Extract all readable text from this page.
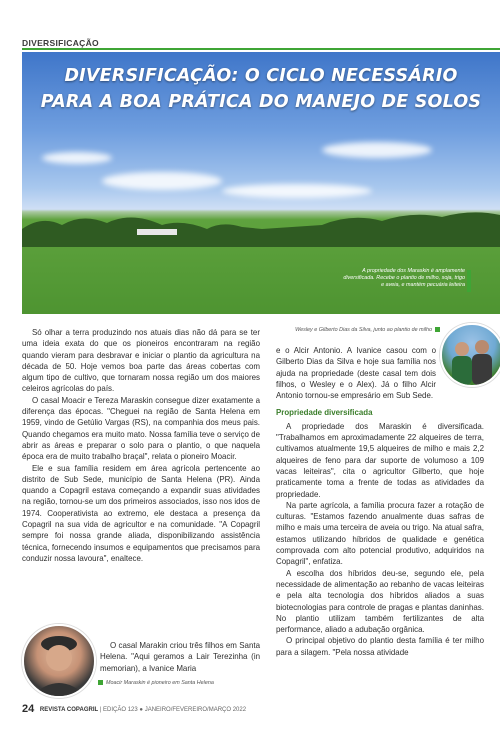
DIVERSIFICAÇÃO
DIVERSIFICAÇÃO: O CICLO NECESSÁRIO
PARA A BOA PRÁTICA DO MANEJO DE SOLOS
A propriedade dos Maraskin é amplamente diversificada. Recebe o plantio de milho, soja, trigo e aveia, e mantém pecuária leiteira

Só olhar a terra produzindo nos atuais dias não dá para se ter uma ideia exata do que os pioneiros encontraram na região quando vieram para desbravar e iniciar o plantio da agricultura na década de 50. Hoje vemos boa parte das áreas cobertas com algum tipo de cultivo, que tornaram nossa região um dos maiores celeiros agrícolas do país.

O casal Moacir e Tereza Maraskin consegue dizer exatamente a diferença das épocas. "Cheguei na região de Santa Helena em 1959, vindo de Getúlio Vargas (RS), na companhia dos meus pais. Quando chegamos era muito mato. Nossa família teve o serviço de abrir as áreas e preparar o solo para o plantio, o que naquela época era de muito trabalho braçal", relata o pioneiro Moacir.

Ele e sua família residem em área agrícola pertencente ao distrito de Sub Sede, município de Santa Helena (PR). Ainda quando a Copagril estava começando a expandir suas atividades na região, tornou-se um dos primeiros associados, isso nos idos de 1974. Cooperativista ao extremo, ele destaca a presença da Copagril na sua vida de agricultor e na comunidade. "A Copagril sempre foi nossa grande aliada, disponibilizando assistência técnica, fornecendo insumos e equipamentos que precisamos para conduzir nossa lavoura", enaltece.

O casal Marakin criou três filhos em Santa Helena. "Aqui geramos a Lair Terezinha (in memorian), a Ivanice Maria

Moacir Maraskin é pioneiro em Santa Helena
Wesley e Gilberto Dias da Silva, junto ao plantio de milho

e o Alcir Antonio. A Ivanice casou com o Gilberto Dias da Silva e hoje sua família nos ajuda na propriedade (deste casal tem dois filhos, o Wesley e o Alex). Já o filho Alcir Antonio tornou-se empresário em Sub Sede.

Propriedade diversificada

A propriedade dos Maraskin é diversificada. "Trabalhamos em aproximadamente 22 alqueires de terra, cultivamos atualmente 19,5 alqueires de milho e mais 2,2 alqueires de feno para dar suporte de volumoso a 109 vacas leiteiras", cita o agricultor Gilberto, que hoje praticamente toma a frente de todas as atividades da propriedade.

Na parte agrícola, a família procura fazer a rotação de culturas. "Estamos fazendo anualmente duas safras de milho e mais uma terceira de aveia ou trigo. Na atual safra, estamos utilizando híbridos de qualidade e genética comprovada com alto potencial produtivo, adquiridos na Copagril", enfatiza.

A escolha dos híbridos deu-se, segundo ele, pela necessidade de alimentação ao rebanho de vacas leiteiras e pela alta tecnologia dos híbridos aliados a suas biotecnologias para controle de pragas e plantas daninhas. No plantio utilizam também fertilizantes de alta performance, aliado a adubação orgânica.

O principal objetivo do plantio desta família é ter milho para a silagem. "Pela nossa atividade

24 REVISTA COPAGRIL | EDIÇÃO 123 ● JANEIRO/FEVEREIRO/MARÇO 2022
